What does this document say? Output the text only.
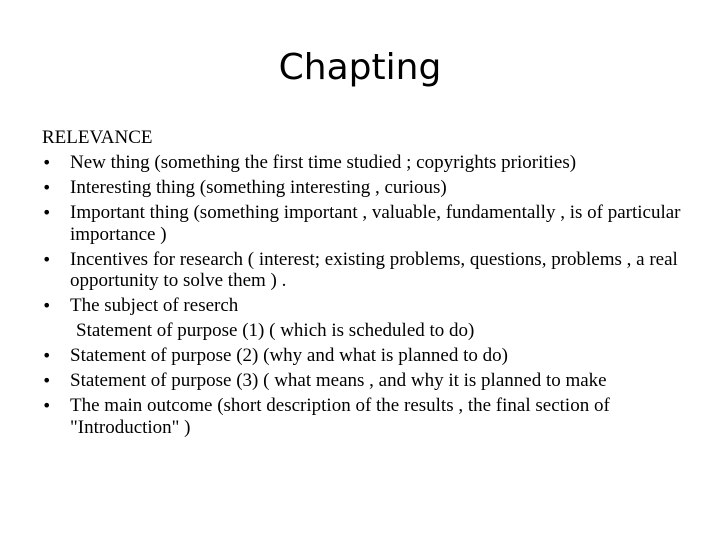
Chapting
RELEVANCE
• New thing (something the first time studied ; copyrights priorities)
• Interesting thing (something interesting , curious)
• Important thing (something important , valuable, fundamentally , is of particular importance )
• Incentives for research ( interest; existing problems, questions, problems , a real opportunity to solve them ) .
• The subject of reserch
Statement of purpose (1) ( which is scheduled to do)
• Statement of purpose (2) (why and what is planned to do)
• Statement of purpose (3) ( what means , and why it is planned to make
• The main outcome (short description of the results , the final section of "Introduction" )
